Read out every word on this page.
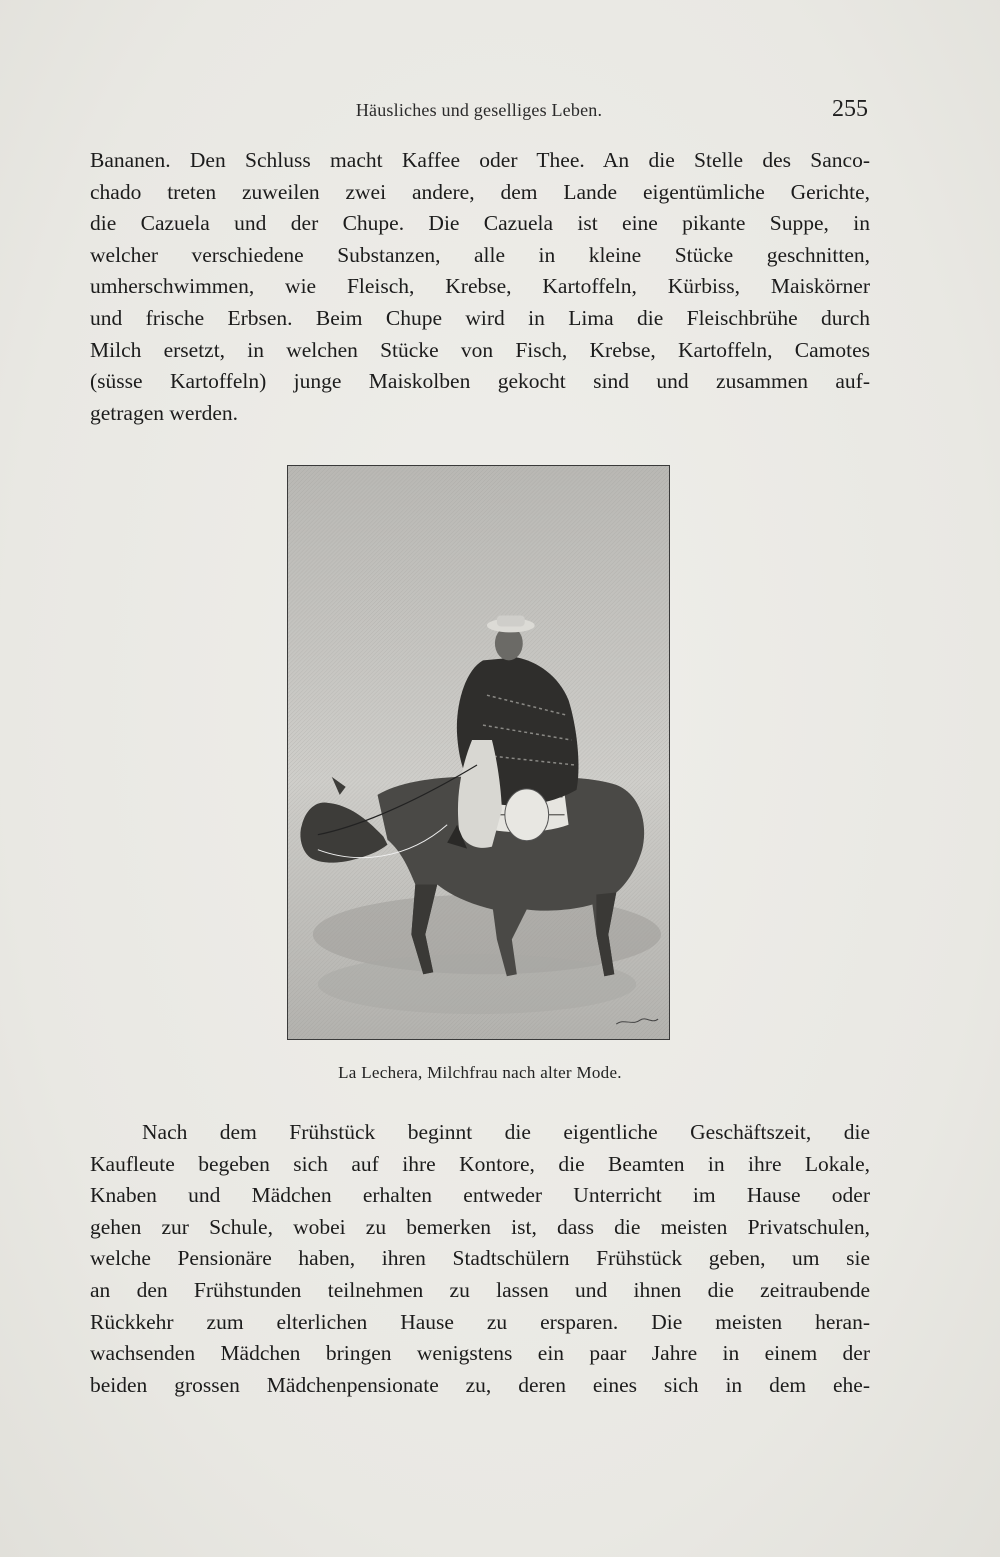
Häusliches und geselliges Leben.	255
Bananen. Den Schluss macht Kaffee oder Thee. An die Stelle des Sanco-
chado treten zuweilen zwei andere, dem Lande eigentümliche Gerichte,
die Cazuela und der Chupe. Die Cazuela ist eine pikante Suppe, in
welcher verschiedene Substanzen, alle in kleine Stücke geschnitten,
umherschwimmen, wie Fleisch, Krebse, Kartoffeln, Kürbiss, Maiskörner
und frische Erbsen. Beim Chupe wird in Lima die Fleischbrühe durch
Milch ersetzt, in welchen Stücke von Fisch, Krebse, Kartoffeln, Camotes
(süsse Kartoffeln) junge Maiskolben gekocht sind und zusammen auf-
getragen werden.
La Lechera, Milchfrau nach alter Mode.
Nach dem Frühstück beginnt die eigentliche Geschäftszeit, die
Kaufleute begeben sich auf ihre Kontore, die Beamten in ihre Lokale,
Knaben und Mädchen erhalten entweder Unterricht im Hause oder
gehen zur Schule, wobei zu bemerken ist, dass die meisten Privatschulen,
welche Pensionäre haben, ihren Stadtschülern Frühstück geben, um sie
an den Frühstunden teilnehmen zu lassen und ihnen die zeitraubende
Rückkehr zum elterlichen Hause zu ersparen. Die meisten heran-
wachsenden Mädchen bringen wenigstens ein paar Jahre in einem der
beiden grossen Mädchenpensionate zu, deren eines sich in dem ehe-
